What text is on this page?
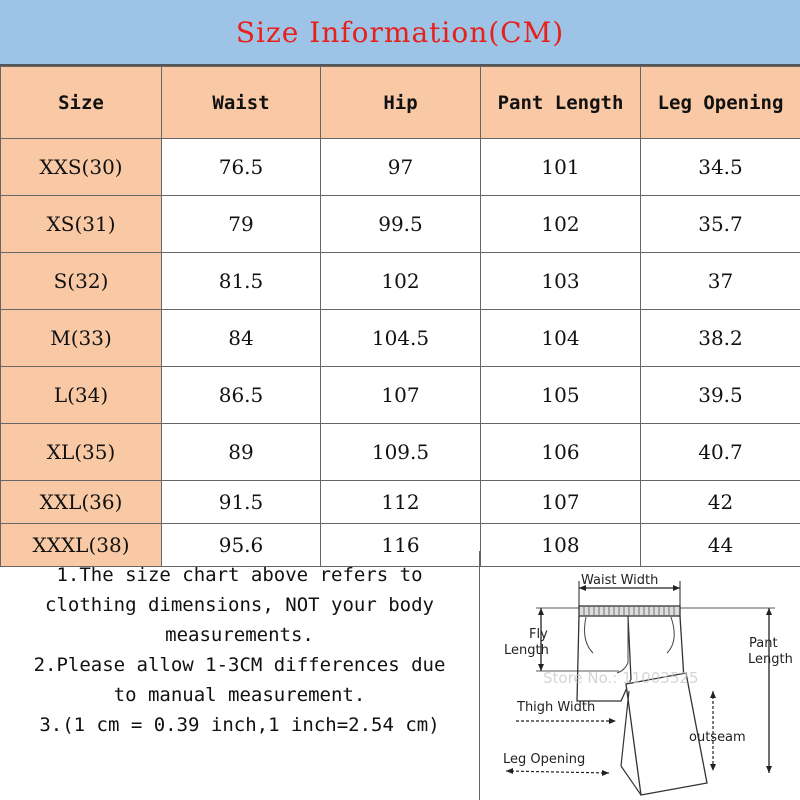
Size Information(CM)
Size	Waist	Hip	Pant Length	Leg Opening
XXS(30)	76.5	97	101	34.5
XS(31)	79	99.5	102	35.7
S(32)	81.5	102	103	37
M(33)	84	104.5	104	38.2
L(34)	86.5	107	105	39.5
XL(35)	89	109.5	106	40.7
XXL(36)	91.5	112	107	42
XXXL(38)	95.6	116	108	44

1.The size chart above refers to

clothing dimensions, NOT your body

measurements.

2.Please allow 1-3CM differences due

to manual measurement.

3.(1 cm = 0.39 inch,1 inch=2.54 cm)

Waist Width
Fly
Length	Pant
Length
outseam
Thigh Width
Leg Opening
Store No.: 11003525
